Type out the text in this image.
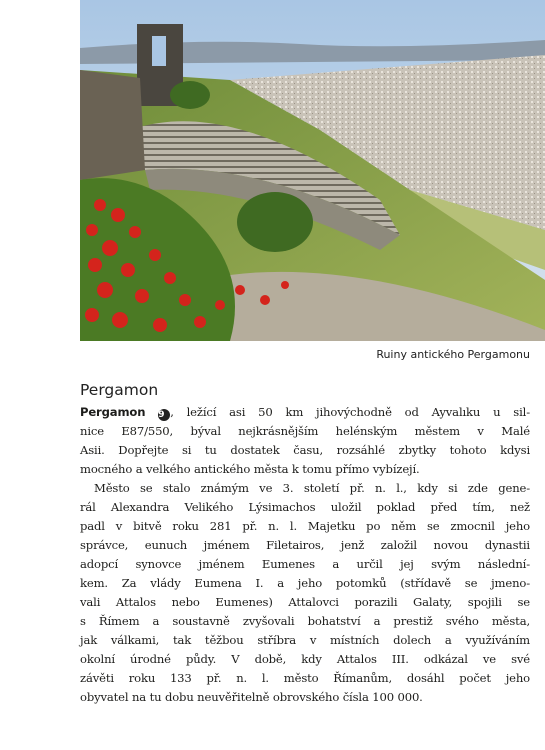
Ruiny antického Pergamonu
Pergamon

Pergamon 9 , ležící asi 50 km jihovýchodně od Ayvalıku u sil-
nice E87/550, býval nejkrásnějším helénským městem v Malé
Asii. Dopřejte si tu dostatek času, rozsáhlé zbytky tohoto kdysi
mocného a velkého antického města k tomu přímo vybízejí.

Město se stalo známým ve 3. století př. n. l., kdy si zde gene-
rál Alexandra Velikého Lýsimachos uložil poklad před tím, než
padl v bitvě roku 281 př. n. l. Majetku po něm se zmocnil jeho
správce, eunuch jménem Filetairos, jenž založil novou dynastii
adopcí synovce jménem Eumenes a určil jej svým následní-
kem. Za vlády Eumena I. a jeho potomků (střídavě se jmeno-
vali Attalos nebo Eumenes) Attalovci porazili Galaty, spojili se
s Římem a soustavně zvyšovali bohatství a prestiž svého města,
jak válkami, tak těžbou stříbra v místních dolech a využíváním
okolní úrodné půdy. V době, kdy Attalos III. odkázal ve své
závěti roku 133 př. n. l. město Římanům, dosáhl počet jeho
obyvatel na tu dobu neuvěřitelně obrovského čísla 100 000.
